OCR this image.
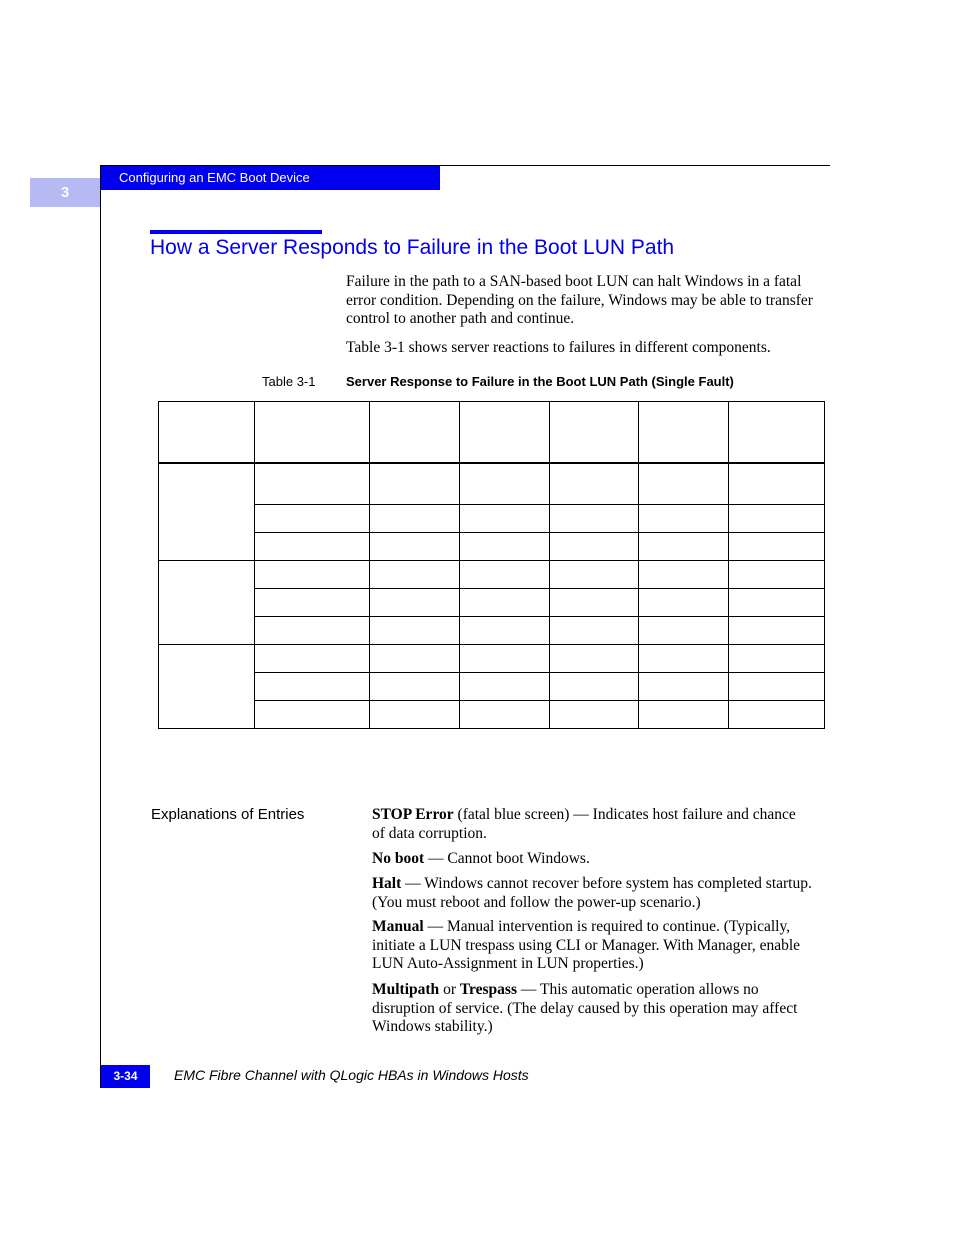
Configuring an EMC Boot Device
3
How a Server Responds to Failure in the Boot LUN Path

Failure in the path to a SAN-based boot LUN can halt Windows in a fatal error condition. Depending on the failure, Windows may be able to transfer control to another path and continue.

Table 3-1 shows server reactions to failures in different components.

Table 3-1 Server Response to Failure in the Boot LUN Path (Single Fault)

Explanations of Entries	STOP Error (fatal blue screen) — Indicates host failure and chance of data corruption.

No boot — Cannot boot Windows.

Halt — Windows cannot recover before system has completed startup. (You must reboot and follow the power-up scenario.)

Manual — Manual intervention is required to continue. (Typically, initiate a LUN trespass using CLI or Manager. With Manager, enable LUN Auto-Assignment in LUN properties.)

Multipath or Trespass — This automatic operation allows no disruption of service. (The delay caused by this operation may affect Windows stability.)

3-34	EMC Fibre Channel with QLogic HBAs in Windows Hosts
